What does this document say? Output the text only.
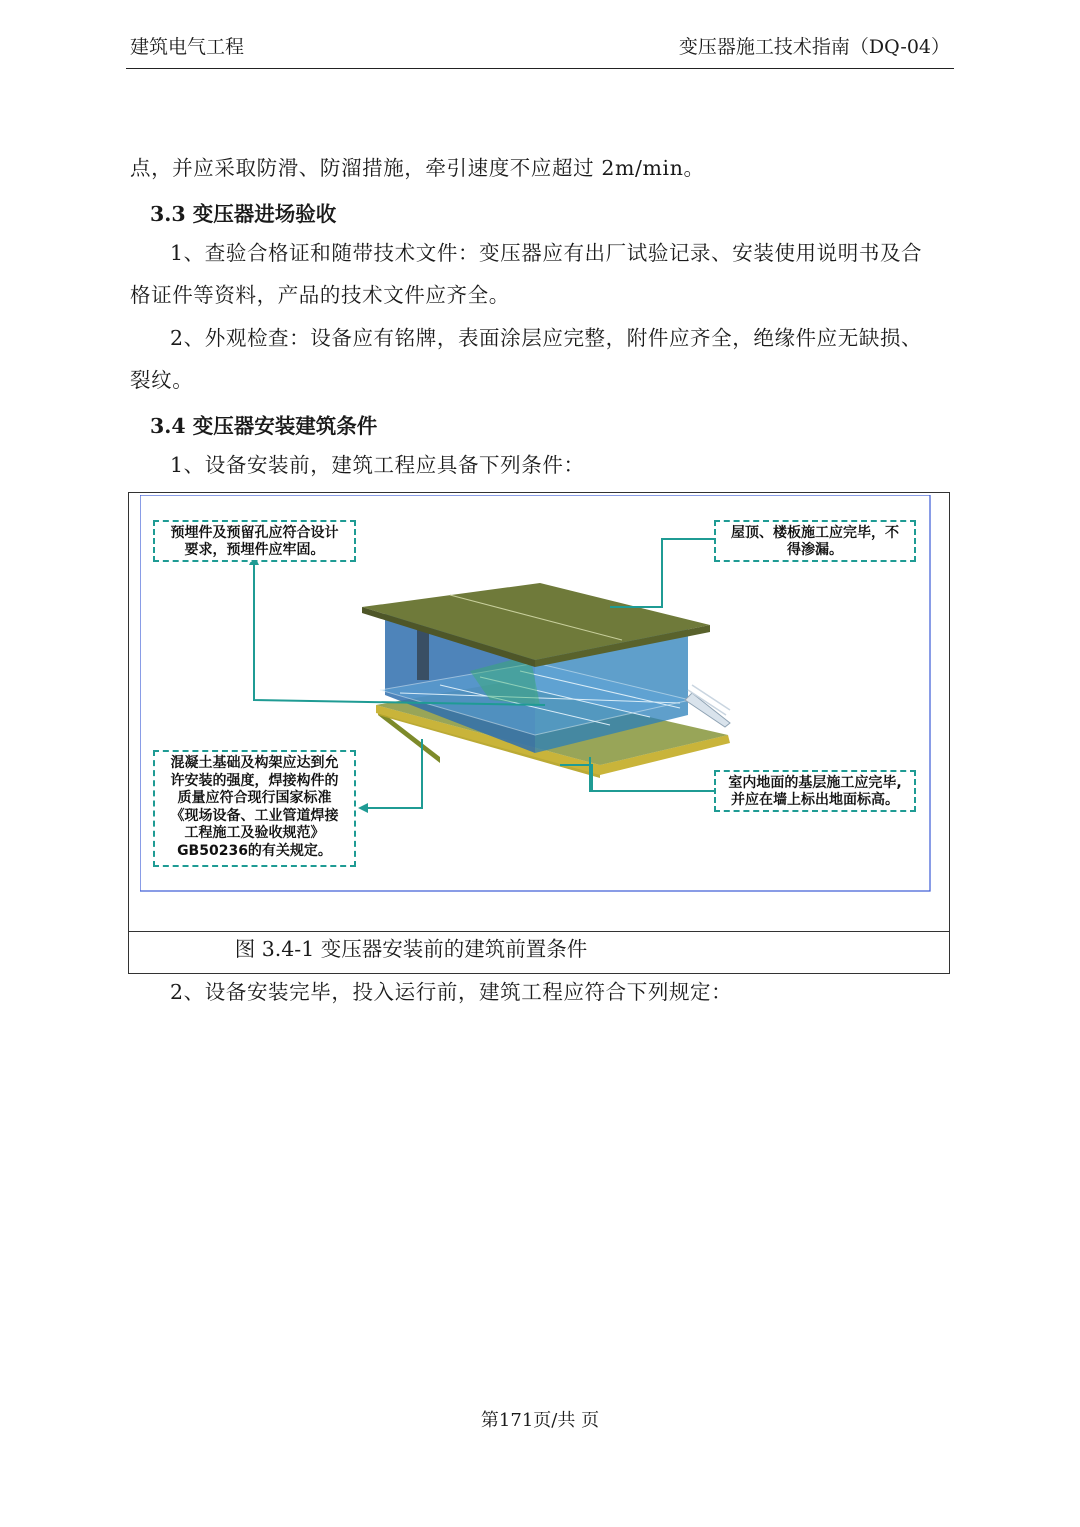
建筑电气工程	变压器施工技术指南（DQ-04）
点，并应采取防滑、防溜措施，牵引速度不应超过 2m/min。
3.3 变压器进场验收
1、查验合格证和随带技术文件：变压器应有出厂试验记录、安装使用说明书及合
格证件等资料，产品的技术文件应齐全。
2、外观检查：设备应有铭牌，表面涂层应完整，附件应齐全，绝缘件应无缺损、
裂纹。
3.4 变压器安装建筑条件
1、设备安装前，建筑工程应具备下列条件：
预埋件及预留孔应符合设计
要求，预埋件应牢固。
屋顶、楼板施工应完毕，不
得渗漏。
混凝土基础及构架应达到允
许安装的强度，焊接构件的
质量应符合现行国家标准
《现场设备、工业管道焊接
工程施工及验收规范》
GB50236的有关规定。
室内地面的基层施工应完毕,
并应在墙上标出地面标高。
图 3.4-1 变压器安装前的建筑前置条件
2、设备安装完毕，投入运行前，建筑工程应符合下列规定：
第171页/共 页
